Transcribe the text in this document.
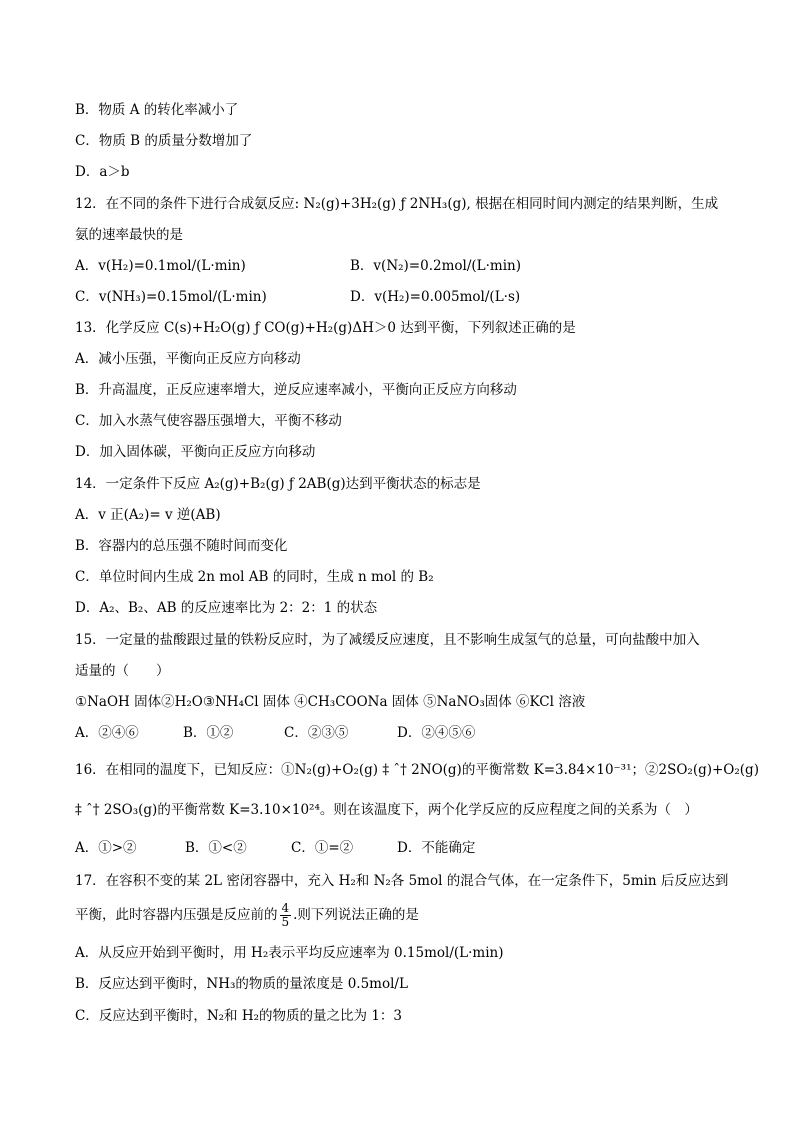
B．物质 A 的转化率减小了
C．物质 B 的质量分数增加了
D．a＞b
12．在不同的条件下进行合成氨反应: N₂(g)+3H₂(g) ƒ 2NH₃(g), 根据在相同时间内测定的结果判断，生成
氨的速率最快的是
A．v(H₂)=0.1mol/(L·min)	B．v(N₂)=0.2mol/(L·min)
C．v(NH₃)=0.15mol/(L·min)	D．v(H₂)=0.005mol/(L·s)
13．化学反应 C(s)+H₂O(g) ƒ CO(g)+H₂(g)ΔH＞0 达到平衡，下列叙述正确的是
A．减小压强，平衡向正反应方向移动
B．升高温度，正反应速率增大，逆反应速率减小，平衡向正反应方向移动
C．加入水蒸气使容器压强增大，平衡不移动
D．加入固体碳，平衡向正反应方向移动
14．一定条件下反应 A₂(g)+B₂(g) ƒ 2AB(g)达到平衡状态的标志是
A．v 正(A₂)= v 逆(AB)
B．容器内的总压强不随时间而变化
C．单位时间内生成 2n mol AB 的同时，生成 n mol 的 B₂
D．A₂、B₂、AB 的反应速率比为 2：2：1 的状态
15．一定量的盐酸跟过量的铁粉反应时，为了减缓反应速度，且不影响生成氢气的总量，可向盐酸中加入
适量的（　　）
①NaOH 固体②H₂O③NH₄Cl 固体 ④CH₃COONa 固体 ⑤NaNO₃固体 ⑥KCl 溶液
A．②④⑥	B．①②	C．②③⑤	D．②④⑤⑥
16．在相同的温度下，已知反应：①N₂(g)+O₂(g) ‡ ˆ† 2NO(g)的平衡常数 K=3.84×10⁻³¹；②2SO₂(g)+O₂(g)
‡ ˆ† 2SO₃(g)的平衡常数 K=3.10×10²⁴。则在该温度下，两个化学反应的反应程度之间的关系为（　）
A．①>②	B．①<②	C．①=②	D．不能确定
17．在容积不变的某 2L 密闭容器中，充入 H₂和 N₂各 5mol 的混合气体，在一定条件下，5min 后反应达到
平衡，此时容器内压强是反应前的 $\frac{4}{5}$ .则下列说法正确的是
A．从反应开始到平衡时，用 H₂表示平均反应速率为 0.15mol/(L·min)
B．反应达到平衡时，NH₃的物质的量浓度是 0.5mol/L
C．反应达到平衡时，N₂和 H₂的物质的量之比为 1：3
